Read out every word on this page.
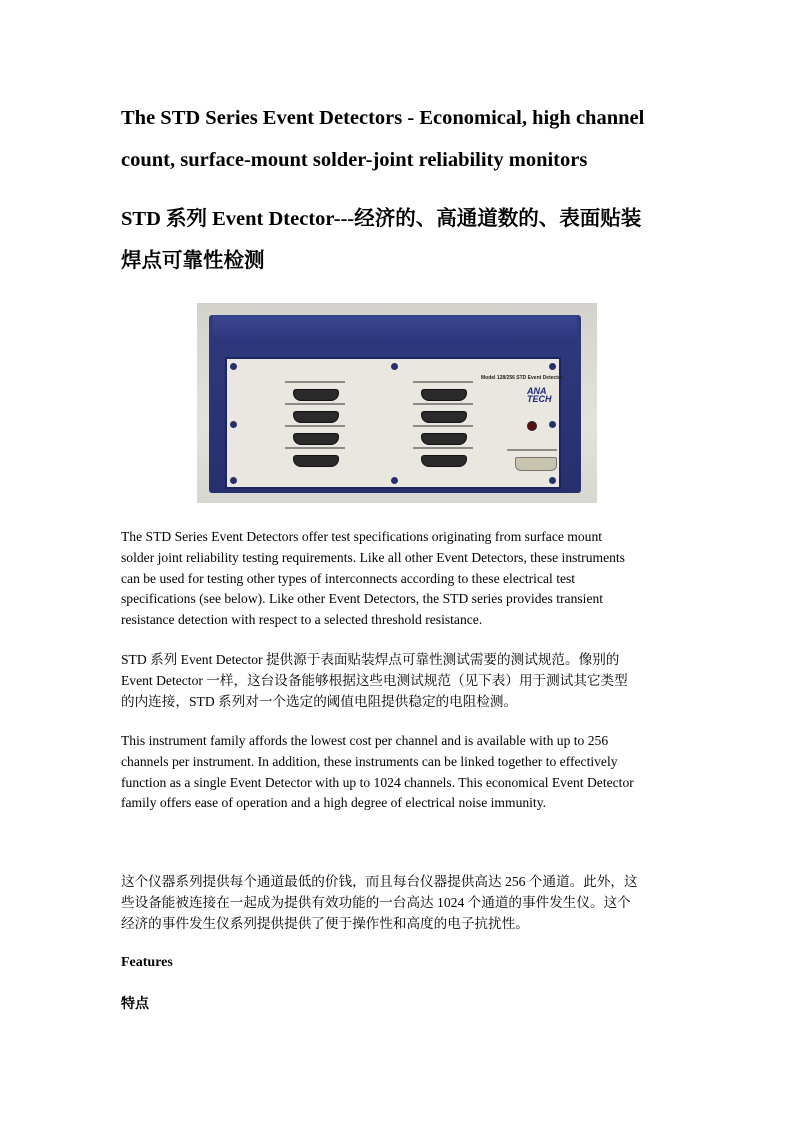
The STD Series Event Detectors - Economical, high channel
count, surface-mount solder-joint reliability monitors
STD 系列 Event Dtector---经济的、高通道数的、表面贴装
焊点可靠性检测
The STD Series Event Detectors offer test specifications originating from surface mount
solder joint reliability testing requirements. Like all other Event Detectors, these instruments
can be used for testing other types of interconnects according to these electrical test
specifications (see below). Like other Event Detectors, the STD series provides transient
resistance detection with respect to a selected threshold resistance.
STD 系列 Event Detector 提供源于表面贴装焊点可靠性测试需要的测试规范。像别的
Event Detector 一样，这台设备能够根据这些电测试规范（见下表）用于测试其它类型
的内连接，STD 系列对一个选定的阈值电阻提供稳定的电阻检测。
This instrument family affords the lowest cost per channel and is available with up to 256
channels per instrument. In addition, these instruments can be linked together to effectively
function as a single Event Detector with up to 1024 channels. This economical Event Detector
family offers ease of operation and a high degree of electrical noise immunity.
这个仪器系列提供每个通道最低的价钱，而且每台仪器提供高达 256 个通道。此外，这
些设备能被连接在一起成为提供有效功能的一台高达 1024 个通道的事件发生仪。这个
经济的事件发生仪系列提供提供了便于操作性和高度的电子抗扰性。
Features
特点
Model 128/256 STD Event Detector
ANA
TECH
